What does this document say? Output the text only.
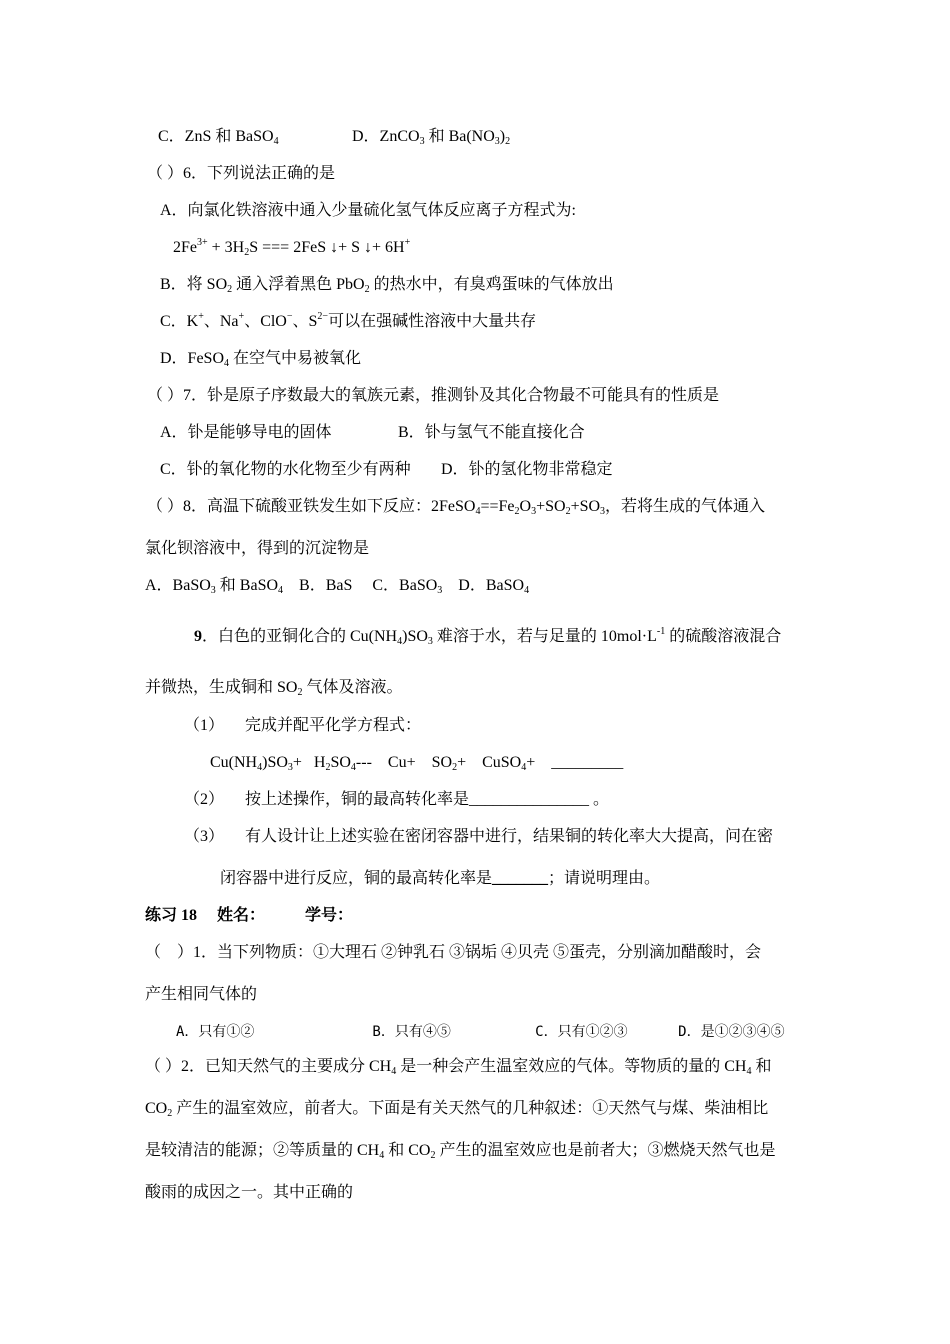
C．ZnS 和 BaSO$_4$	D．ZnCO$_3$ 和 $Ba(NO_3)_2$
（ ）6．下列说法正确的是
A．向氯化铁溶液中通入少量硫化氢气体反应离子方程式为:
$2Fe^{3+} + 3H_2S$ === 2FeS ↓+ S ↓+ 6H+
B．将 $SO_2$ 通入浮着黑色 PbO$_2$ 的热水中，有臭鸡蛋味的气体放出
C．K+、Na+、ClO−、$S^{2-}$可以在强碱性溶液中大量共存
D．FeSO$_4$ 在空气中易被氧化
（ ）7．钋是原子序数最大的氧族元素，推测钋及其化合物最不可能具有的性质是
A．钋是能够导电的固体	B．钋与氢气不能直接化合
C．钋的氧化物的水化物至少有两种 D．钋的氢化物非常稳定
（ ）8．高温下硫酸亚铁发生如下反应：$2FeSO_4==Fe_2O_3+SO_2+SO_3$，若将生成的气体通入
氯化钡溶液中，得到的沉淀物是
A．BaSO$_3$ 和 BaSO$_4$    B．BaS     C．BaSO$_3$    D．BaSO$_4$
9．白色的亚铜化合的 $Cu(NH_4)SO_3$ 难溶于水，若与足量的 $10mol\cdot L^{-1}$ 的硫酸溶液混合
并微热，生成铜和 $SO_2$ 气体及溶液。
（1） 完成并配平化学方程式：
$Cu(NH_4)SO_3+ H_2SO_4---$    Cu+    $SO_2+$    CuSO$_4$+    _________
（2） 按上述操作，铜的最高转化率是_______________ 。
（3） 有人设计让上述实验在密闭容器中进行，结果铜的转化率大大提高，问在密
闭容器中进行反应，铜的最高转化率是_______；请说明理由。
练习 18     姓名：          学号：
（    ）1．当下列物质：①大理石 ②钟乳石 ③锅垢 ④贝壳 ⑤蛋壳，分别滴加醋酸时，会
产生相同气体的
A．只有①②              B．只有④⑤          C．只有①②③      D．是①②③④⑤
（ ）2．已知天然气的主要成分 $CH_4$ 是一种会产生温室效应的气体。等物质的量的 $CH_4$ 和
$CO_2$ 产生的温室效应，前者大。下面是有关天然气的几种叙述：①天然气与煤、柴油相比
是较清洁的能源；②等质量的 $CH_4$ 和 $CO_2$ 产生的温室效应也是前者大；③燃烧天然气也是
酸雨的成因之一。其中正确的
